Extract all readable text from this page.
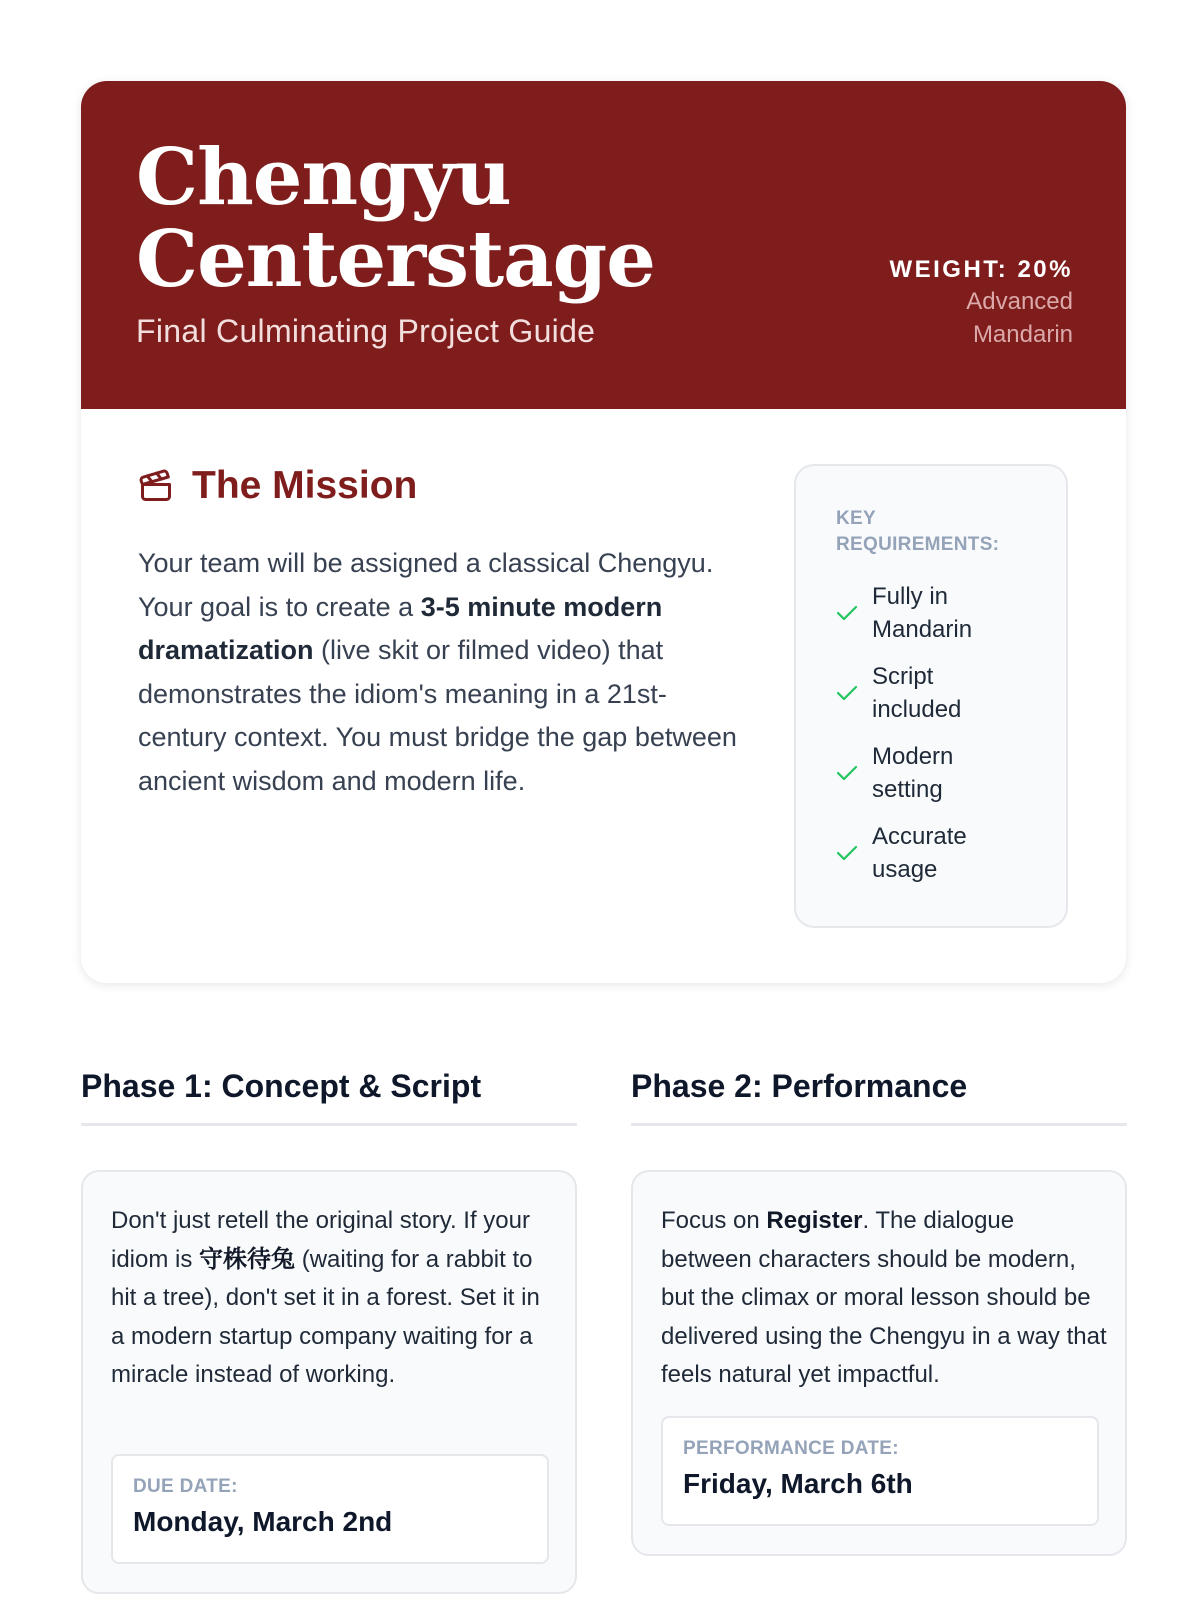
Chengyu
Centerstage
Final Culminating Project Guide
WEIGHT: 20%
Advanced Mandarin
The Mission

Your team will be assigned a classical Chengyu. Your goal is to create a 3-5 minute modern dramatization (live skit or filmed video) that demonstrates the idiom's meaning in a 21st-century context. You must bridge the gap between ancient wisdom and modern life.

KEY REQUIREMENTS:
Fully in Mandarin
Script included
Modern setting
Accurate usage
Phase 1: Concept & Script

Don't just retell the original story. If your idiom is 守株待兔 (waiting for a rabbit to hit a tree), don't set it in a forest. Set it in a modern startup company waiting for a miracle instead of working.

DUE DATE:
Monday, March 2nd
Phase 2: Performance

Focus on Register. The dialogue between characters should be modern, but the climax or moral lesson should be delivered using the Chengyu in a way that feels natural yet impactful.

PERFORMANCE DATE:
Friday, March 6th
